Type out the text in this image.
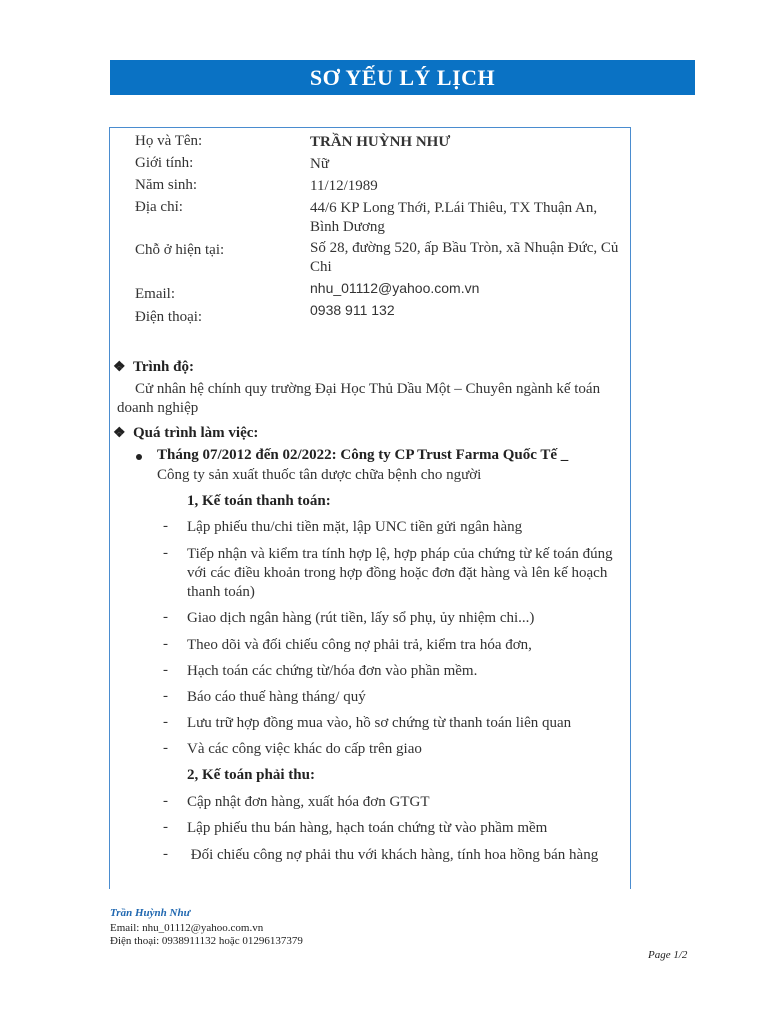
SƠ YẾU LÝ LỊCH
Họ và Tên:	TRẦN HUỲNH NHƯ
Giới tính:	Nữ
Năm sinh:	11/12/1989
Địa chỉ:	44/6 KP Long Thới, P.Lái Thiêu, TX Thuận An, Bình Dương
Chỗ ở hiện tại:	Số 28, đường 520, ấp Bầu Tròn, xã Nhuận Đức, Củ Chi
Email:	nhu_01112@yahoo.com.vn
Điện thoại:	0938 911 132
❖ Trình độ:
Cử nhân hệ chính quy trường Đại Học Thủ Dầu Một – Chuyên ngành kế toán doanh nghiệp
❖ Quá trình làm việc:
Tháng 07/2012 đến 02/2022: Công ty CP Trust Farma Quốc Tế _
Công ty sản xuất thuốc tân dược chữa bệnh cho người
1, Kế toán thanh toán:
- Lập phiếu thu/chi tiền mặt, lập UNC tiền gửi ngân hàng
- Tiếp nhận và kiểm tra tính hợp lệ, hợp pháp của chứng từ kế toán đúng với các điều khoản trong hợp đồng hoặc đơn đặt hàng và lên kế hoạch thanh toán)
- Giao dịch ngân hàng (rút tiền, lấy sổ phụ, ủy nhiệm chi...)
- Theo dõi và đối chiếu công nợ phải trả, kiểm tra hóa đơn,
- Hạch toán các chứng từ/hóa đơn vào phần mềm.
- Báo cáo thuế hàng tháng/ quý
- Lưu trữ hợp đồng mua vào, hồ sơ chứng từ thanh toán liên quan
- Và các công việc khác do cấp trên giao
2, Kế toán phải thu:
- Cập nhật đơn hàng, xuất hóa đơn GTGT
- Lập phiếu thu bán hàng, hạch toán chứng từ vào phầm mềm
- Đối chiếu công nợ phải thu với khách hàng, tính hoa hồng bán hàng
Trần Huỳnh Như
Email: nhu_01112@yahoo.com.vn
Điện thoại: 0938911132 hoặc 01296137379
Page 1/2
